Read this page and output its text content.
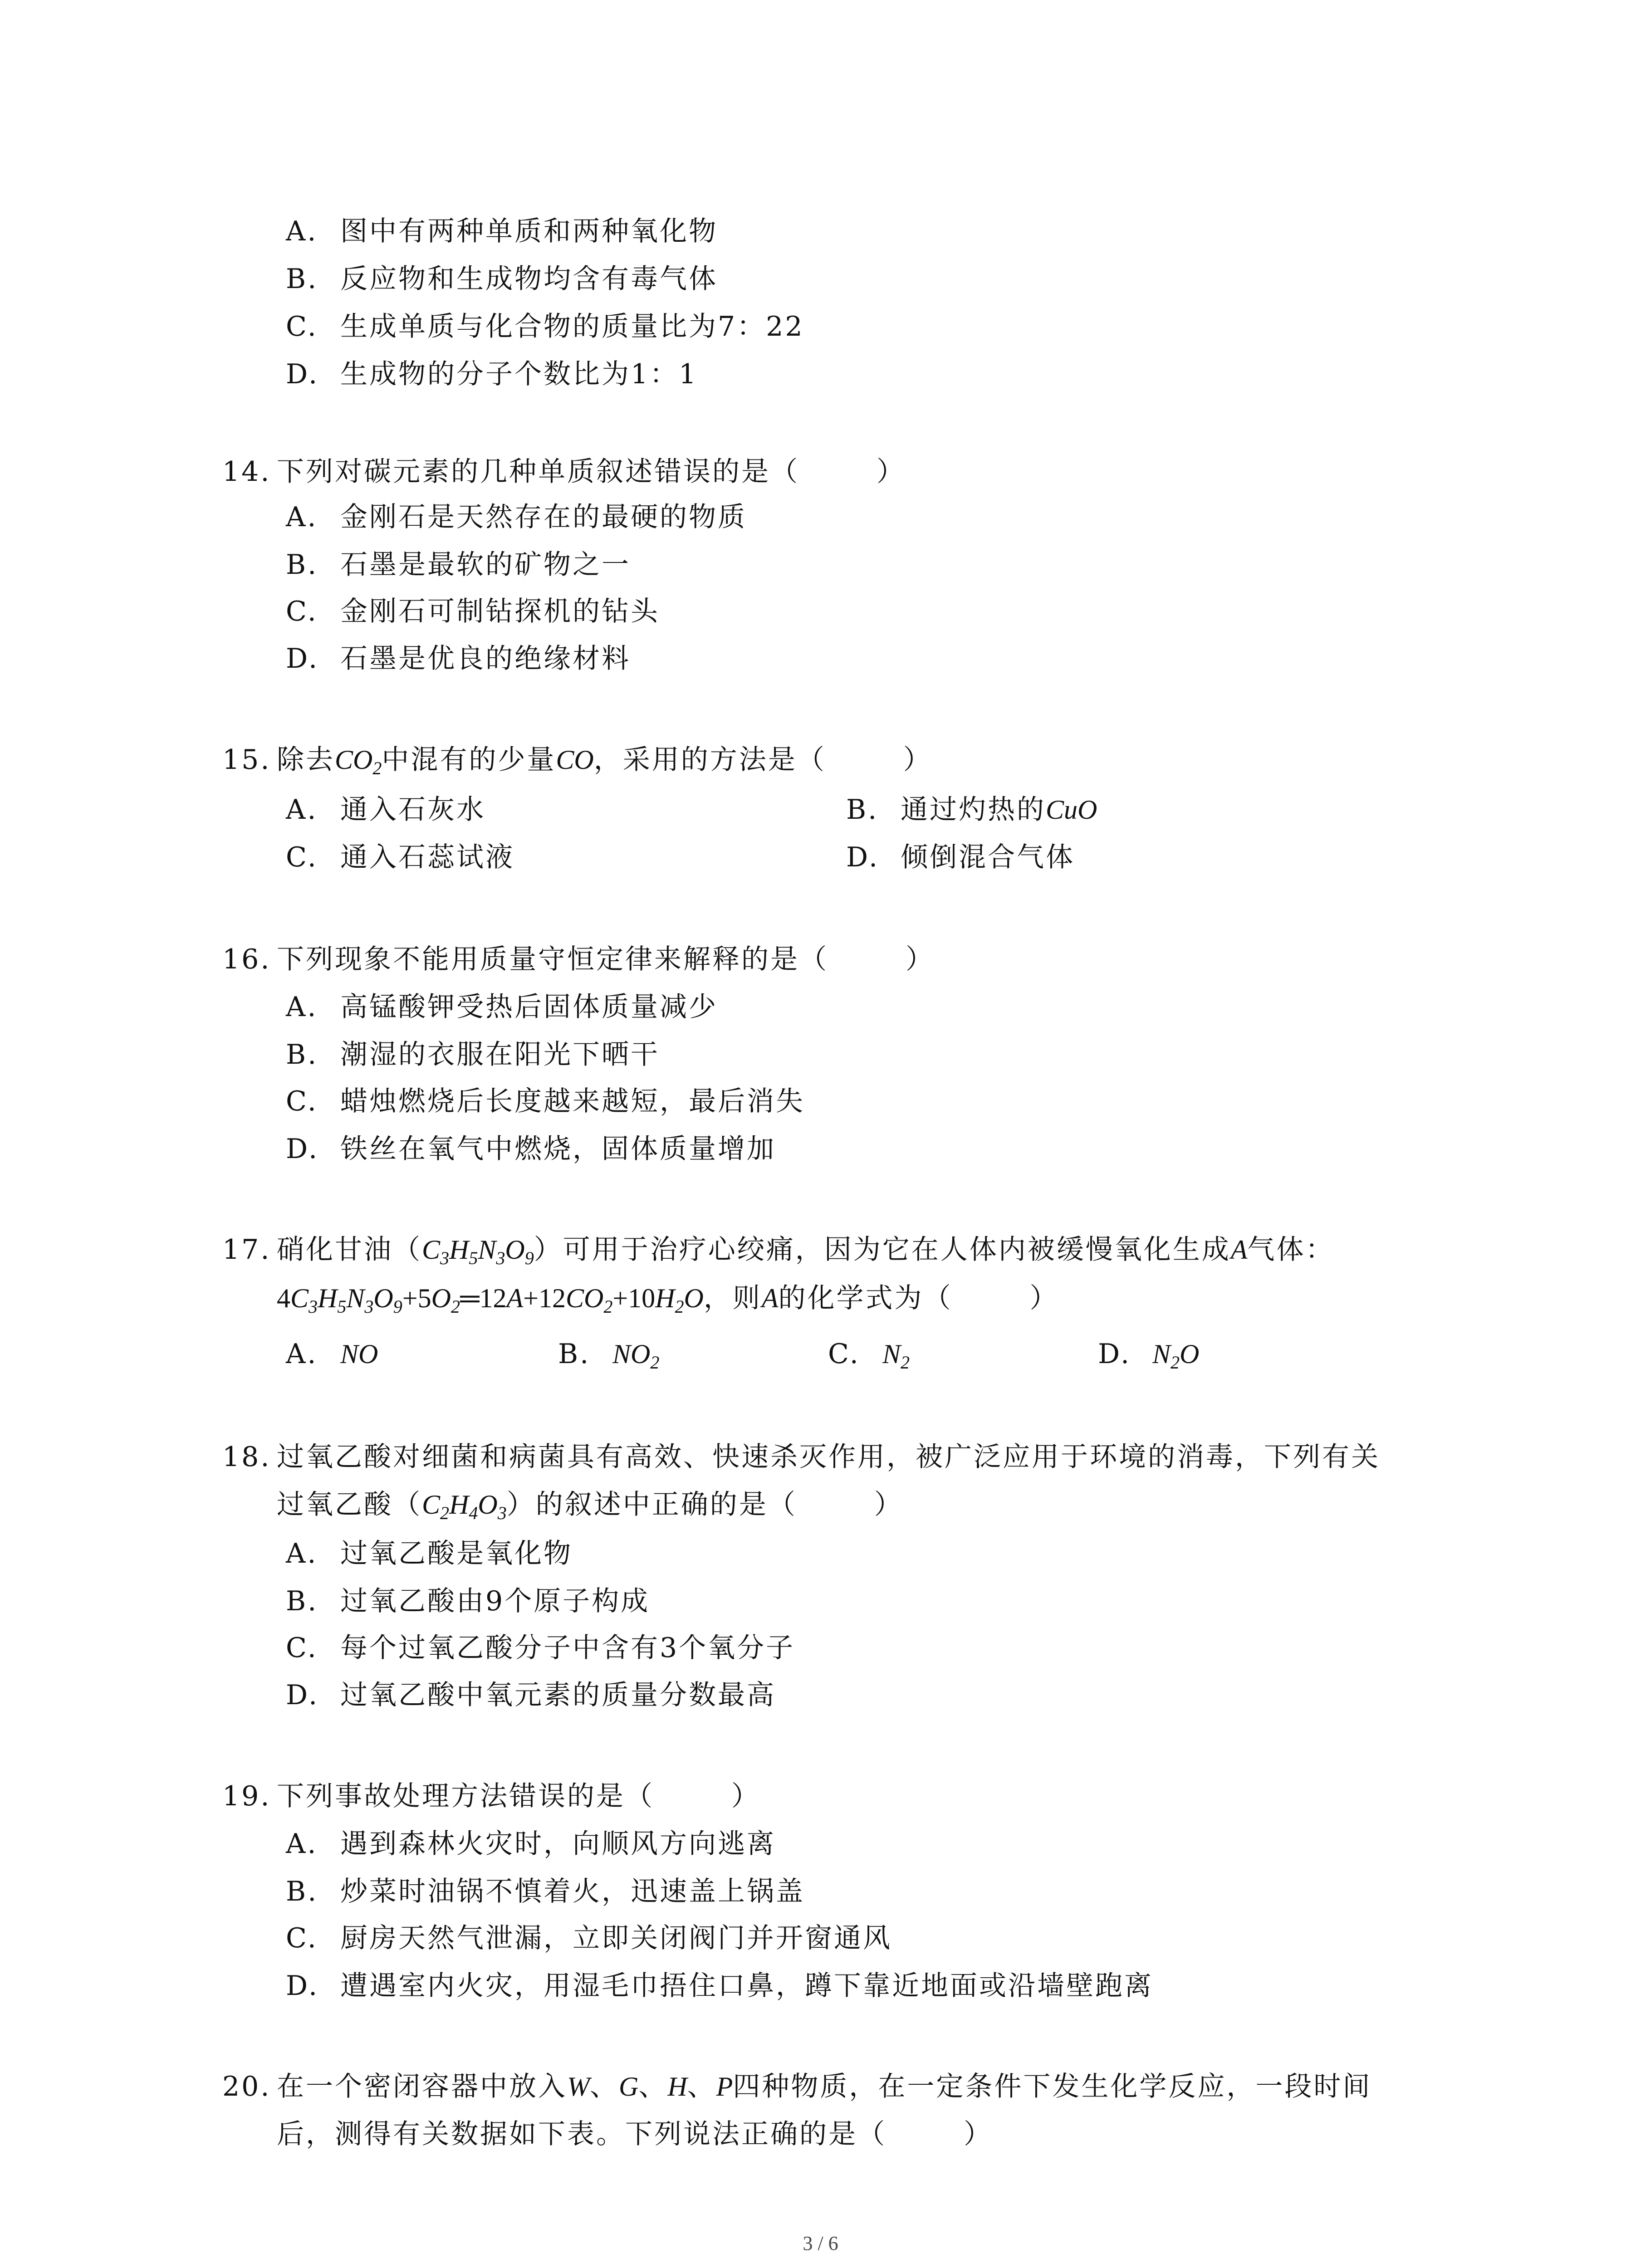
A. 图中有两种单质和两种氧化物
B. 反应物和生成物均含有毒气体
C. 生成单质与化合物的质量比为7：22
D. 生成物的分子个数比为1：1
14. 下列对碳元素的几种单质叙述错误的是（	）
A. 金刚石是天然存在的最硬的物质
B. 石墨是最软的矿物之一
C. 金刚石可制钻探机的钻头
D. 石墨是优良的绝缘材料
15. 除去$CO_2$中混有的少量CO，采用的方法是（	）
A. 通入石灰水	B. 通过灼热的CuO
C. 通入石蕊试液	D. 倾倒混合气体
16. 下列现象不能用质量守恒定律来解释的是（	）
A. 高锰酸钾受热后固体质量减少
B. 潮湿的衣服在阳光下晒干
C. 蜡烛燃烧后长度越来越短，最后消失
D. 铁丝在氧气中燃烧，固体质量增加
17. 硝化甘油$(C_3H_5N_3O_9)$可用于治疗心绞痛，因为它在人体内被缓慢氧化生成A气体：
$4C_3H_5N_3O_9+5O_2═12A+12CO_2+10H_2O$，则A的化学式为（	）
A. NO	B. $NO_2$	C. $N_2$	D. $N_2O$
18. 过氧乙酸对细菌和病菌具有高效、快速杀灭作用，被广泛应用于环境的消毒，下列有关
过氧乙酸$(C_2H_4O_3)$的叙述中正确的是（	）
A. 过氧乙酸是氧化物
B. 过氧乙酸由9个原子构成
C. 每个过氧乙酸分子中含有3个氧分子
D. 过氧乙酸中氧元素的质量分数最高
19. 下列事故处理方法错误的是（	）
A. 遇到森林火灾时，向顺风方向逃离
B. 炒菜时油锅不慎着火，迅速盖上锅盖
C. 厨房天然气泄漏，立即关闭阀门并开窗通风
D. 遭遇室内火灾，用湿毛巾捂住口鼻，蹲下靠近地面或沿墙壁跑离
20. 在一个密闭容器中放入W、G、H、P四种物质，在一定条件下发生化学反应，一段时间
后，测得有关数据如下表。下列说法正确的是（	）
3 / 6
